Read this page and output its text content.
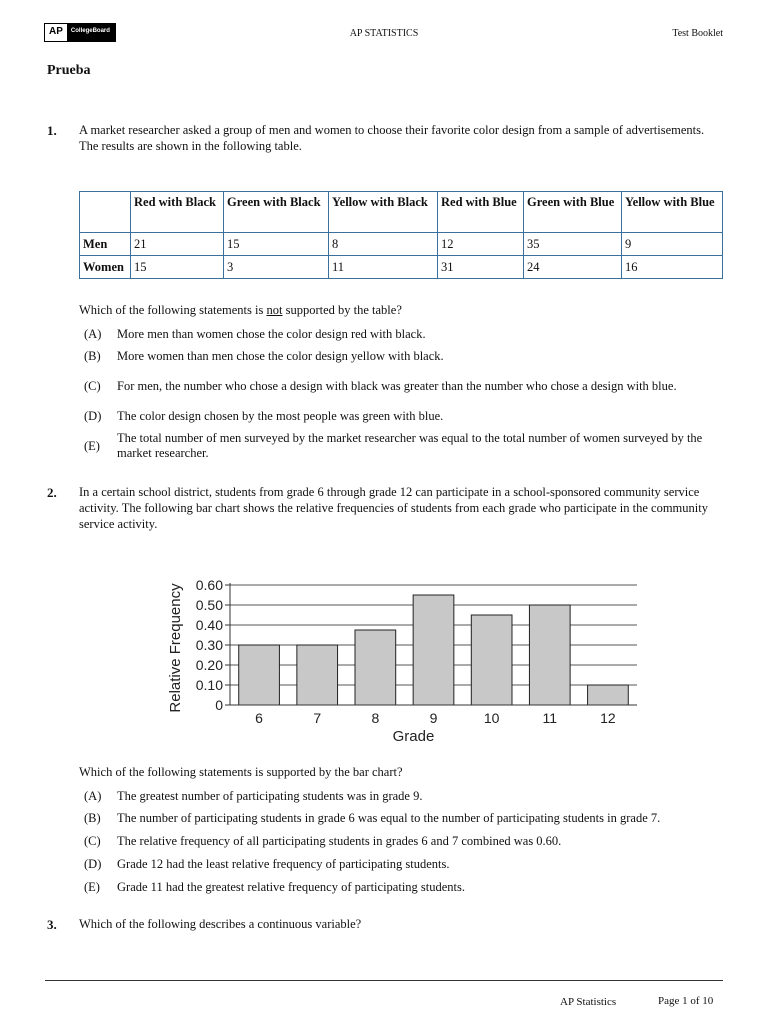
AP	CollegeBoard	AP STATISTICS	Test Booklet
Prueba
1. A market researcher asked a group of men and women to choose their favorite color design from a sample of advertisements. The results are shown in the following table.
	Red with Black	Green with Black	Yellow with Black	Red with Blue	Green with Blue	Yellow with Blue
Men	21	15	8	12	35	9
Women	15	3	11	31	24	16
Which of the following statements is not supported by the table?
(A)	More men than women chose the color design red with black.
(B)	More women than men chose the color design yellow with black.
(C)	For men, the number who chose a design with black was greater than the number who chose a design with blue.
(D)	The color design chosen by the most people was green with blue.
(E)
The total number of men surveyed by the market researcher was equal to the total number of women surveyed by the market researcher.
2. In a certain school district, students from grade 6 through grade 12 can participate in a school-sponsored community service activity. The following bar chart shows the relative frequencies of students from each grade who participate in the community service activity.
0
0.10
0.20
0.30
0.40
0.50
0.60
6	7	8	9	10	11	12
Grade
Relative Frequency
Which of the following statements is supported by the bar chart?
(A)	The greatest number of participating students was in grade 9.
(B)	The number of participating students in grade 6 was equal to the number of participating students in grade 7.
(C)	The relative frequency of all participating students in grades 6 and 7 combined was 0.60.
(D)	Grade 12 had the least relative frequency of participating students.
(E)	Grade 11 had the greatest relative frequency of participating students.
3. Which of the following describes a continuous variable?
AP Statistics	Page 1 of 10
